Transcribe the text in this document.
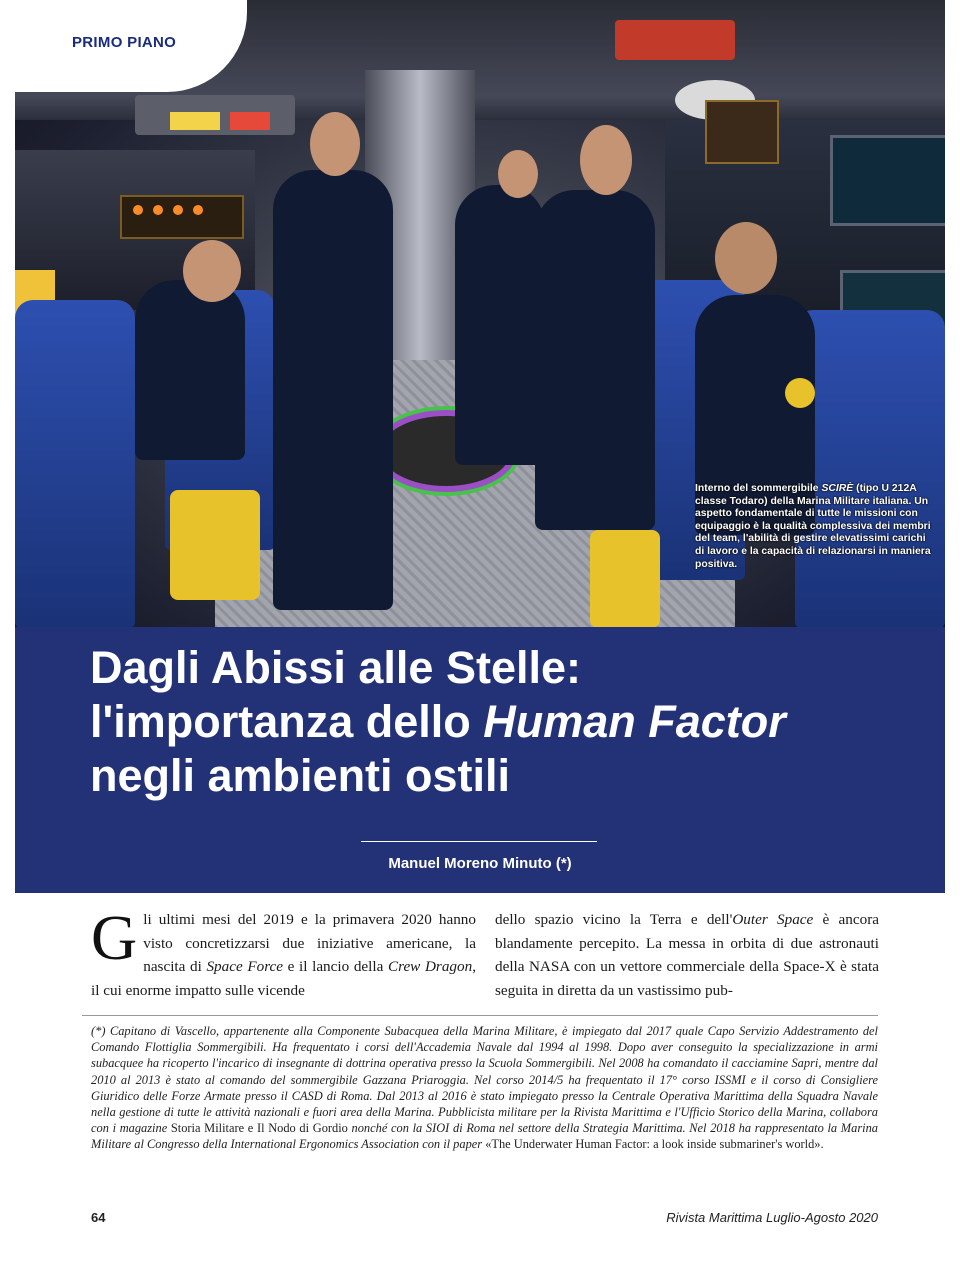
PRIMO PIANO
Interno del sommergibile SCIRÈ (tipo U 212A classe Todaro) della Marina Militare italiana. Un aspetto fondamentale di tutte le missioni con equipaggio è la qualità complessiva dei membri del team, l'abilità di gestire elevatissimi carichi di lavoro e la capacità di relazionarsi in maniera positiva.
Dagli Abissi alle Stelle:
l'importanza dello Human Factor
negli ambienti ostili
Manuel Moreno Minuto (*)
Gli ultimi mesi del 2019 e la primavera 2020 hanno visto concretizzarsi due iniziative americane, la nascita di Space Force e il lancio della Crew Dragon, il cui enorme impatto sulle vicende
dello spazio vicino la Terra e dell'Outer Space è ancora blandamente percepito. La messa in orbita di due astronauti della NASA con un vettore commerciale della Space-X è stata seguita in diretta da un vastissimo pub-
(*) Capitano di Vascello, appartenente alla Componente Subacquea della Marina Militare, è impiegato dal 2017 quale Capo Servizio Addestramento del Comando Flottiglia Sommergibili. Ha frequentato i corsi dell'Accademia Navale dal 1994 al 1998. Dopo aver conseguito la specializzazione in armi subacquee ha ricoperto l'incarico di insegnante di dottrina operativa presso la Scuola Sommergibili. Nel 2008 ha comandato il cacciamine Sapri, mentre dal 2010 al 2013 è stato al comando del sommergibile Gazzana Priaroggia. Nel corso 2014/5 ha frequentato il 17° corso ISSMI e il corso di Consigliere Giuridico delle Forze Armate presso il CASD di Roma. Dal 2013 al 2016 è stato impiegato presso la Centrale Operativa Marittima della Squadra Navale nella gestione di tutte le attività nazionali e fuori area della Marina. Pubblicista militare per la Rivista Marittima e l'Ufficio Storico della Marina, collabora con i magazine Storia Militare e Il Nodo di Gordio nonché con la SIOI di Roma nel settore della Strategia Marittima. Nel 2018 ha rappresentato la Marina Militare al Congresso della International Ergonomics Association con il paper «The Underwater Human Factor: a look inside submariner's world».
64	Rivista Marittima Luglio-Agosto 2020
